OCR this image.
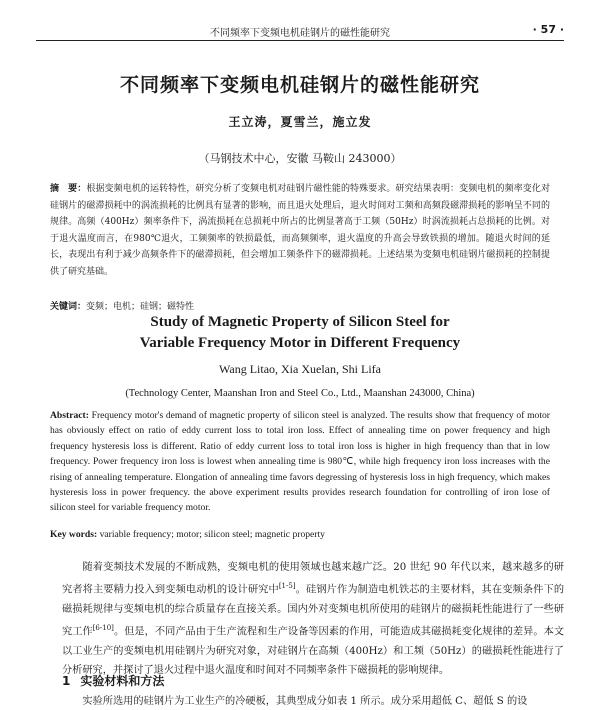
不同频率下变频电机硅钢片的磁性能研究	· 57 ·
不同频率下变频电机硅钢片的磁性能研究
王立涛，夏雪兰，施立发
（马钢技术中心，安徽 马鞍山 243000）
摘　要：根据变频电机的运转特性，研究分析了变频电机对硅钢片磁性能的特殊要求。研究结果表明：变频电机的频率变化对硅钢片的磁滞损耗中的涡流损耗的比例具有显著的影响，而且退火处理后，退火时间对工频和高频段磁滞损耗的影响呈不同的规律。高频（400Hz）频率条件下，涡流损耗在总损耗中所占的比例显著高于工频（50Hz）时涡流损耗占总损耗的比例。对于退火温度而言，在980℃退火，工频频率的铁损最低，而高频频率，退火温度的升高会导致铁损的增加。随退火时间的延长，表现出有利于减少高频条件下的磁滞损耗，但会增加工频条件下的磁滞损耗。上述结果为变频电机硅钢片磁损耗的控制提供了研究基础。
关键词：变频；电机；硅钢；磁特性
Study of Magnetic Property of Silicon Steel for
Variable Frequency Motor in Different Frequency
Wang Litao, Xia Xuelan, Shi Lifa
(Technology Center, Maanshan Iron and Steel Co., Ltd., Maanshan 243000, China)
Abstract: Frequency motor's demand of magnetic property of silicon steel is analyzed. The results show that frequency of motor has obviously effect on ratio of eddy current loss to total iron loss. Effect of annealing time on power frequency and high frequency hysteresis loss is different. Ratio of eddy current loss to total iron loss is higher in high frequency than that in low frequency. Power frequency iron loss is lowest when annealing time is 980℃, while high frequency iron loss increases with the rising of annealing temperature. Elongation of annealing time favors degressing of hysteresis loss in high frequency, which makes hysteresis loss in power frequency. the above experiment results provides research foundation for controlling of iron lose of silicon steel for variable frequency motor.
Key words: variable frequency; motor; silicon steel; magnetic property

随着变频技术发展的不断成熟，变频电机的使用领域也越来越广泛。20 世纪 90 年代以来，越来越多的研究者将主要精力投入到变频电动机的设计研究中[1-5]。硅钢片作为制造电机铁芯的主要材料，其在变频条件下的磁损耗规律与变频电机的综合质量存在直接关系。国内外对变频电机所使用的硅钢片的磁损耗性能进行了一些研究工作[6-10]。但是，不同产品由于生产流程和生产设备等因素的作用，可能造成其磁损耗变化规律的差异。本文以工业生产的变频电机用硅钢片为研究对象，对硅钢片在高频（400Hz）和工频（50Hz）的磁损耗性能进行了分析研究，并探讨了退火过程中退火温度和时间对不同频率条件下磁损耗的影响规律。

1 实验材料和方法
实验所选用的硅钢片为工业生产的冷硬板，其典型成分如表 1 所示。成分采用超低 C、超低 S 的设
